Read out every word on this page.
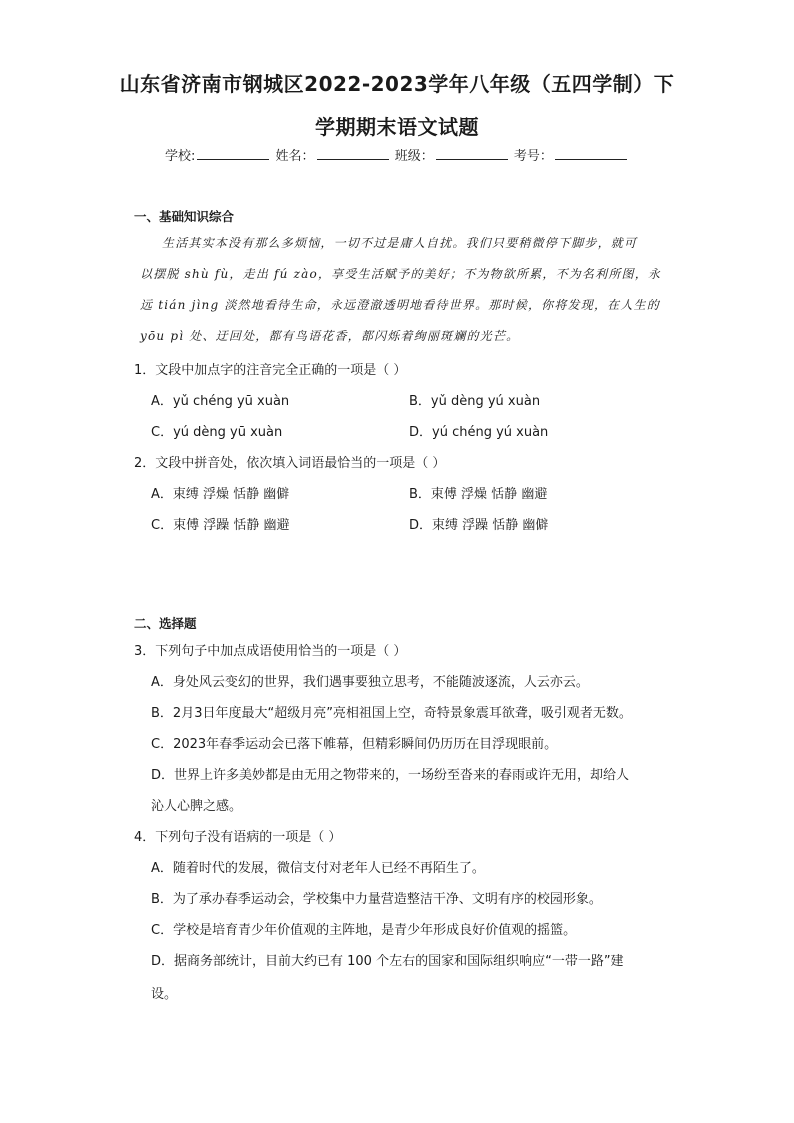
山东省济南市钢城区2022-2023学年八年级（五四学制）下
学期期末语文试题
学校:	姓名：	班级：	考号：
一、基础知识综合
生活其实本没有那么多烦恼，一切不过是庸人自扰。我们只要稍微停下脚步，就可
以摆脱 shù fù，走出 fú zào，享受生活赋予的美好；不为物欲所累，不为名利所图，永
远 tián jìng 淡然地看待生命，永远澄澈透明地看待世界。那时候，你将发现，在人生的
yōu pì 处、迂回处，都有鸟语花香，都闪烁着绚丽斑斓的光芒。
1．文段中加点字的注音完全正确的一项是（ ）
A．yǔ chéng yū xuàn	B．yǔ dèng yú xuàn
C．yú dèng yū xuàn	D．yú chéng yú xuàn
2．文段中拼音处，依次填入词语最恰当的一项是（ ）
A．束缚 浮燥 恬静 幽僻	B．束傅 浮燥 恬静 幽避
C．束傅 浮躁 恬静 幽避	D．束缚 浮躁 恬静 幽僻
二、选择题
3．下列句子中加点成语使用恰当的一项是（ ）
A．身处风云变幻的世界，我们遇事要独立思考，不能随波逐流，人云亦云。
B．2月3日年度最大“超级月亮”亮相祖国上空，奇特景象震耳欲聋，吸引观者无数。
C．2023年春季运动会已落下帷幕，但精彩瞬间仍历历在目浮现眼前。
D．世界上许多美妙都是由无用之物带来的，一场纷至沓来的春雨或许无用，却给人
沁人心脾之感。
4．下列句子没有语病的一项是（ ）
A．随着时代的发展，微信支付对老年人已经不再陌生了。
B．为了承办春季运动会，学校集中力量营造整洁干净、文明有序的校园形象。
C．学校是培育青少年价值观的主阵地，是青少年形成良好价值观的摇篮。
D．据商务部统计，目前大约已有 100 个左右的国家和国际组织响应“一带一路”建
设。
